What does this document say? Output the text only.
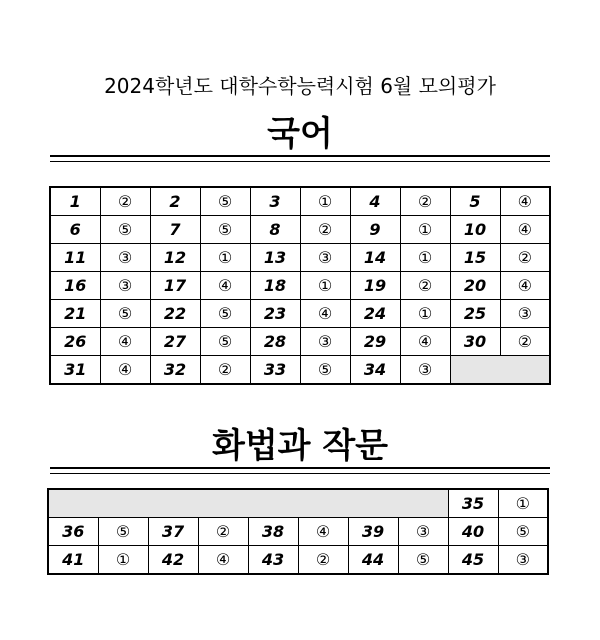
2024학년도 대학수학능력시험 6월 모의평가
국어
1	②	2	⑤	3	①	4	②	5	④
6	⑤	7	⑤	8	②	9	①	10	④
11	③	12	①	13	③	14	①	15	②
16	③	17	④	18	①	19	②	20	④
21	⑤	22	⑤	23	④	24	①	25	③
26	④	27	⑤	28	③	29	④	30	②
31	④	32	②	33	⑤	34	③		
화법과 작문
								35	①
36	⑤	37	②	38	④	39	③	40	⑤
41	①	42	④	43	②	44	⑤	45	③
